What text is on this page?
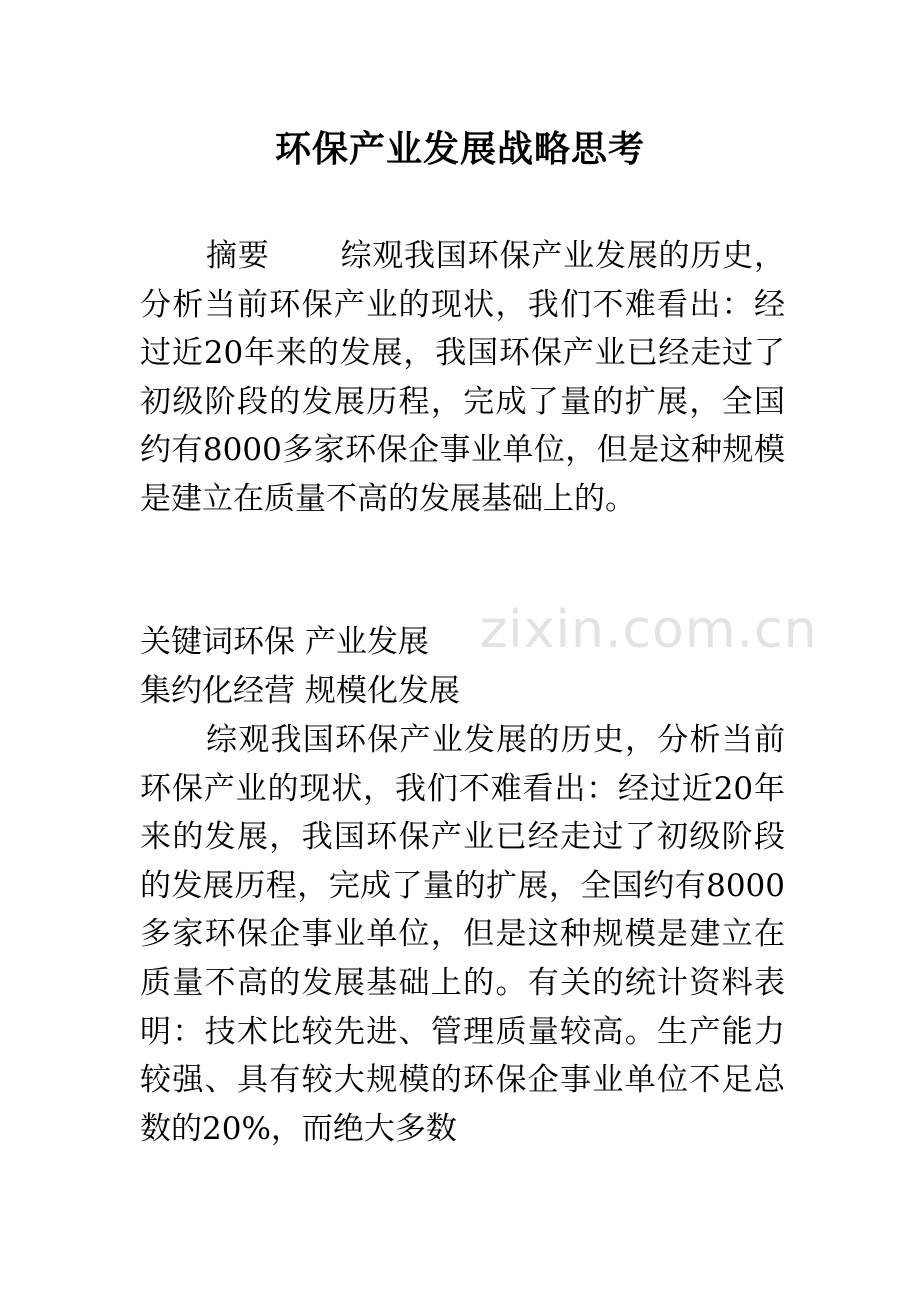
zixin.com.cn
环保产业发展战略思考

摘要 综观我国环保产业发展的历史，分析当前环保产业的现状，我们不难看出：经过近20年来的发展，我国环保产业已经走过了初级阶段的发展历程，完成了量的扩展，全国约有8000多家环保企事业单位，但是这种规模是建立在质量不高的发展基础上的。

关键词环保 产业发展
集约化经营 规模化发展

综观我国环保产业发展的历史，分析当前环保产业的现状，我们不难看出：经过近20年来的发展，我国环保产业已经走过了初级阶段的发展历程，完成了量的扩展，全国约有8000多家环保企事业单位，但是这种规模是建立在质量不高的发展基础上的。有关的统计资料表明：技术比较先进、管理质量较高。生产能力较强、具有较大规模的环保企事业单位不足总数的20%，而绝大多数
